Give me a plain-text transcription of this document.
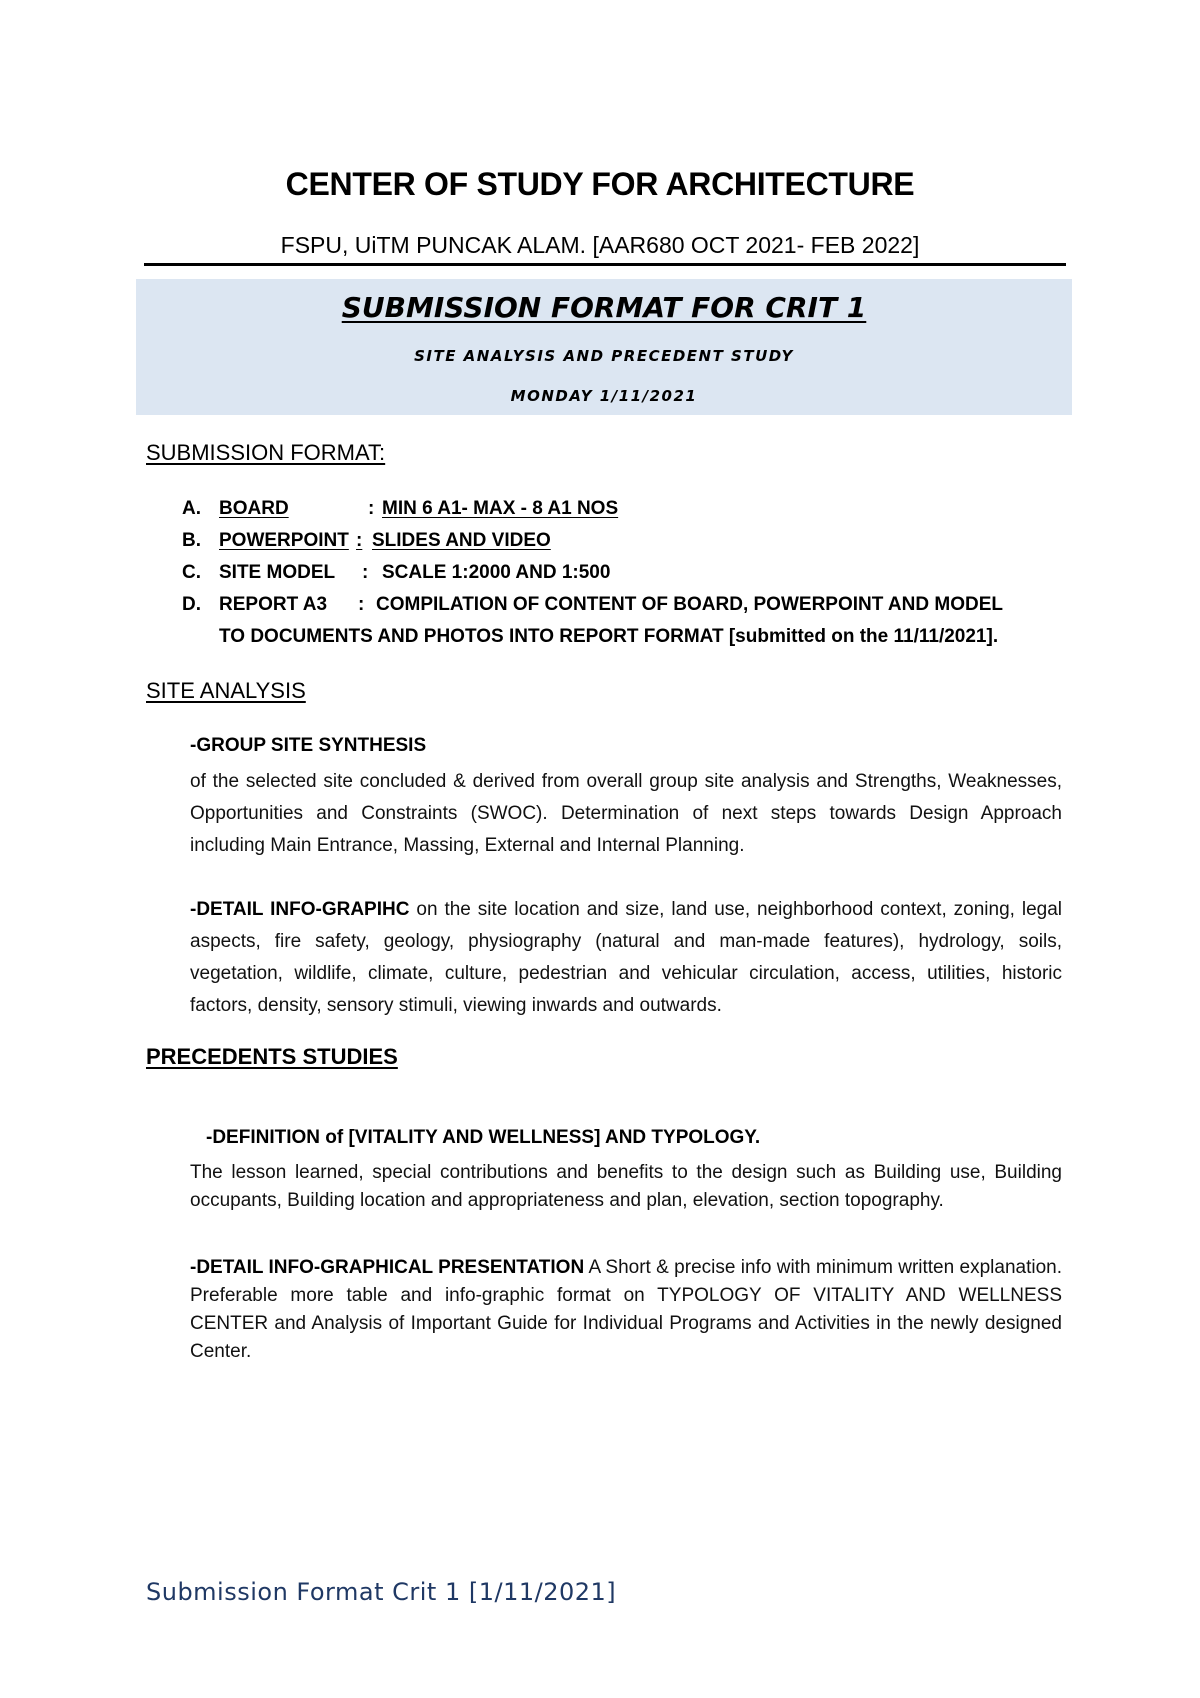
CENTER OF STUDY FOR ARCHITECTURE
FSPU, UiTM PUNCAK ALAM. [AAR680 OCT 2021- FEB 2022]
SUBMISSION FORMAT FOR CRIT 1
SITE ANALYSIS AND PRECEDENT STUDY
MONDAY 1/11/2021
SUBMISSION FORMAT:
A. BOARD	: MIN 6 A1- MAX - 8 A1 NOS
B. POWERPOINT : SLIDES AND VIDEO
C. SITE MODEL : SCALE 1:2000 AND 1:500
D. REPORT A3 : COMPILATION OF CONTENT OF BOARD, POWERPOINT AND MODEL
TO DOCUMENTS AND PHOTOS INTO REPORT FORMAT [submitted on the 11/11/2021].
SITE ANALYSIS
-GROUP SITE SYNTHESIS
of the selected site concluded & derived from overall group site analysis and Strengths, Weaknesses, Opportunities and Constraints (SWOC). Determination of next steps towards Design Approach including Main Entrance, Massing, External and Internal Planning.
-DETAIL INFO-GRAPIHC on the site location and size, land use, neighborhood context, zoning, legal aspects, fire safety, geology, physiography (natural and man-made features), hydrology, soils, vegetation, wildlife, climate, culture, pedestrian and vehicular circulation, access, utilities, historic factors, density, sensory stimuli, viewing inwards and outwards.
PRECEDENTS STUDIES
-DEFINITION of [VITALITY AND WELLNESS] AND TYPOLOGY.
The lesson learned, special contributions and benefits to the design such as Building use, Building occupants, Building location and appropriateness and plan, elevation, section topography.
-DETAIL INFO-GRAPHICAL PRESENTATION A Short & precise info with minimum written explanation. Preferable more table and info-graphic format on TYPOLOGY OF VITALITY AND WELLNESS CENTER and Analysis of Important Guide for Individual Programs and Activities in the newly designed Center.
Submission Format Crit 1 [1/11/2021]
